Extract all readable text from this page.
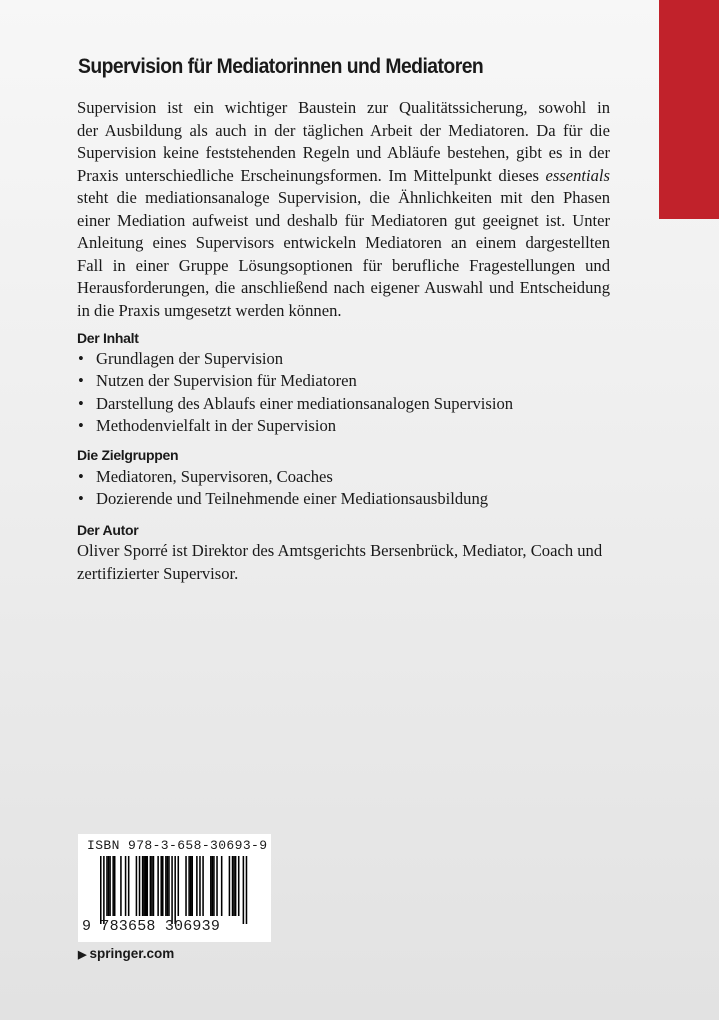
Supervision für Mediatorinnen und Mediatoren
Supervision ist ein wichtiger Baustein zur Qualitätssicherung, sowohl in
der Ausbildung als auch in der täglichen Arbeit der Mediatoren. Da für die
Supervision keine feststehenden Regeln und Abläufe bestehen, gibt es in der
Praxis unterschiedliche Erscheinungsformen. Im Mittelpunkt dieses essentials
steht die mediationsanaloge Supervision, die Ähnlichkeiten mit den Phasen
einer Mediation aufweist und deshalb für Mediatoren gut geeignet ist. Unter
Anleitung eines Supervisors entwickeln Mediatoren an einem dargestellten
Fall in einer Gruppe Lösungsoptionen für berufliche Fragestellungen und
Herausforderungen, die anschließend nach eigener Auswahl und Entscheidung
in die Praxis umgesetzt werden können.
Der Inhalt
• Grundlagen der Supervision
• Nutzen der Supervision für Mediatoren
• Darstellung des Ablaufs einer mediationsanalogen Supervision
• Methodenvielfalt in der Supervision
Die Zielgruppen
• Mediatoren, Supervisoren, Coaches
• Dozierende und Teilnehmende einer Mediationsausbildung
Der Autor

Oliver Sporré ist Direktor des Amtsgerichts Bersenbrück, Mediator, Coach und zertifizierter Supervisor.

ISBN 978-3-658-30693-9
9 783658 306939
▶ springer.com
